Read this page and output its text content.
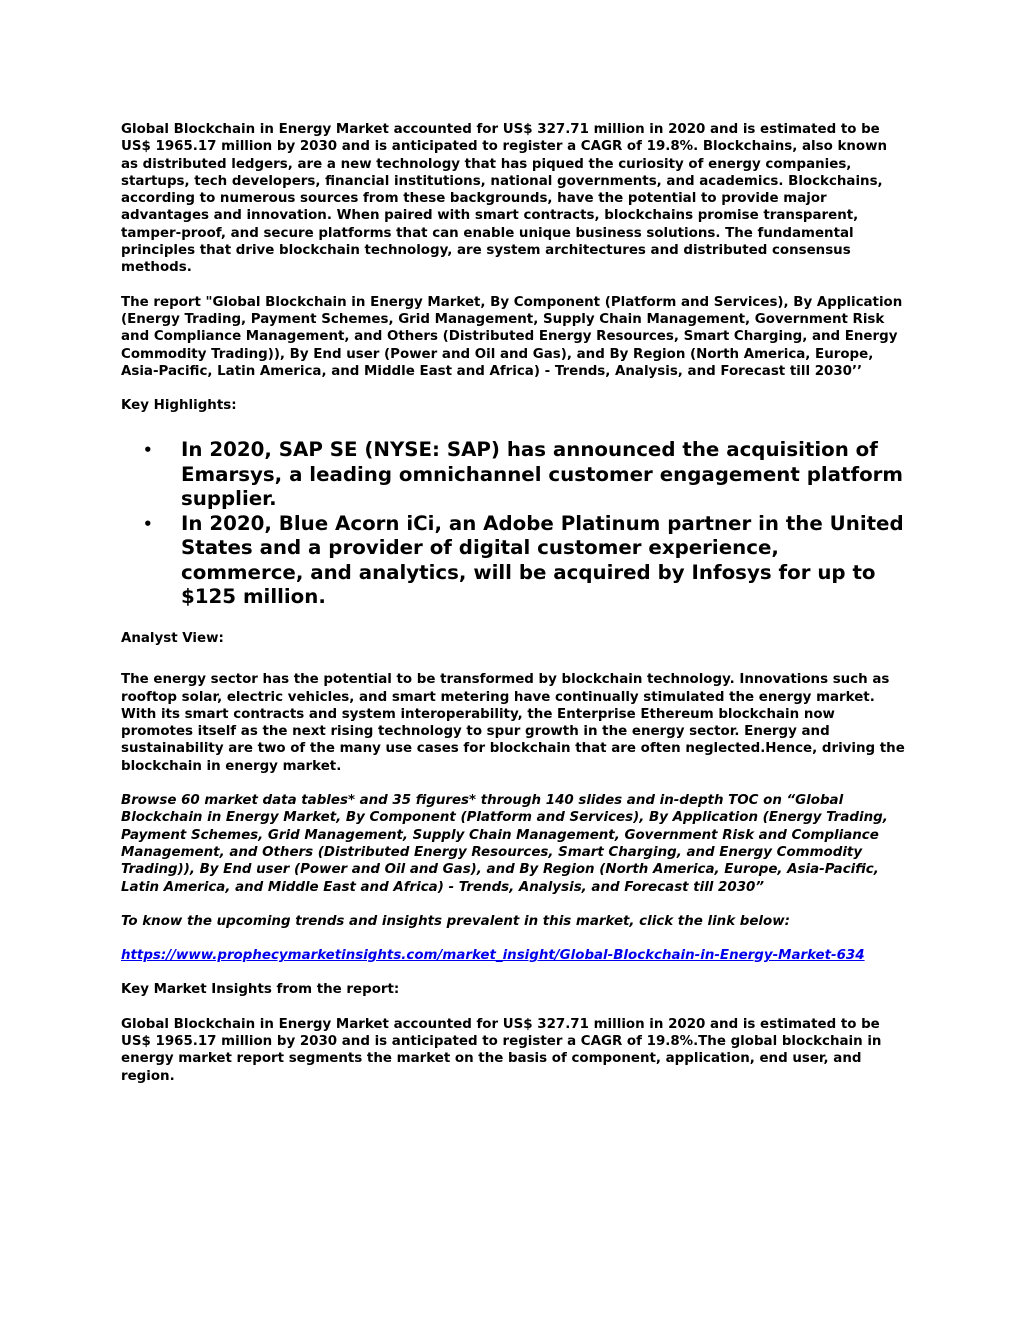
Global Blockchain in Energy Market accounted for US$ 327.71 million in 2020 and is estimated to be US$ 1965.17 million by 2030 and is anticipated to register a CAGR of 19.8%. Blockchains, also known as distributed ledgers, are a new technology that has piqued the curiosity of energy companies, startups, tech developers, financial institutions, national governments, and academics. Blockchains, according to numerous sources from these backgrounds, have the potential to provide major advantages and innovation. When paired with smart contracts, blockchains promise transparent, tamper-proof, and secure platforms that can enable unique business solutions. The fundamental principles that drive blockchain technology, are system architectures and distributed consensus methods.

The report "Global Blockchain in Energy Market, By Component (Platform and Services), By Application (Energy Trading, Payment Schemes, Grid Management, Supply Chain Management, Government Risk and Compliance Management, and Others (Distributed Energy Resources, Smart Charging, and Energy Commodity Trading)), By End user (Power and Oil and Gas), and By Region (North America, Europe, Asia-Pacific, Latin America, and Middle East and Africa) - Trends, Analysis, and Forecast till 2030’’

Key Highlights:

• In 2020, SAP SE (NYSE: SAP) has announced the acquisition of Emarsys, a leading omnichannel customer engagement platform supplier.
• In 2020, Blue Acorn iCi, an Adobe Platinum partner in the United States and a provider of digital customer experience, commerce, and analytics, will be acquired by Infosys for up to $125 million.

Analyst View:

The energy sector has the potential to be transformed by blockchain technology. Innovations such as rooftop solar, electric vehicles, and smart metering have continually stimulated the energy market. With its smart contracts and system interoperability, the Enterprise Ethereum blockchain now promotes itself as the next rising technology to spur growth in the energy sector. Energy and sustainability are two of the many use cases for blockchain that are often neglected.Hence, driving the blockchain in energy market.

Browse 60 market data tables* and 35 figures* through 140 slides and in-depth TOC on “Global Blockchain in Energy Market, By Component (Platform and Services), By Application (Energy Trading, Payment Schemes, Grid Management, Supply Chain Management, Government Risk and Compliance Management, and Others (Distributed Energy Resources, Smart Charging, and Energy Commodity Trading)), By End user (Power and Oil and Gas), and By Region (North America, Europe, Asia-Pacific, Latin America, and Middle East and Africa) - Trends, Analysis, and Forecast till 2030”

To know the upcoming trends and insights prevalent in this market, click the link below:

https://www.prophecymarketinsights.com/market_insight/Global-Blockchain-in-Energy-Market-634

Key Market Insights from the report:

Global Blockchain in Energy Market accounted for US$ 327.71 million in 2020 and is estimated to be US$ 1965.17 million by 2030 and is anticipated to register a CAGR of 19.8%.The global blockchain in energy market report segments the market on the basis of component, application, end user, and region.
